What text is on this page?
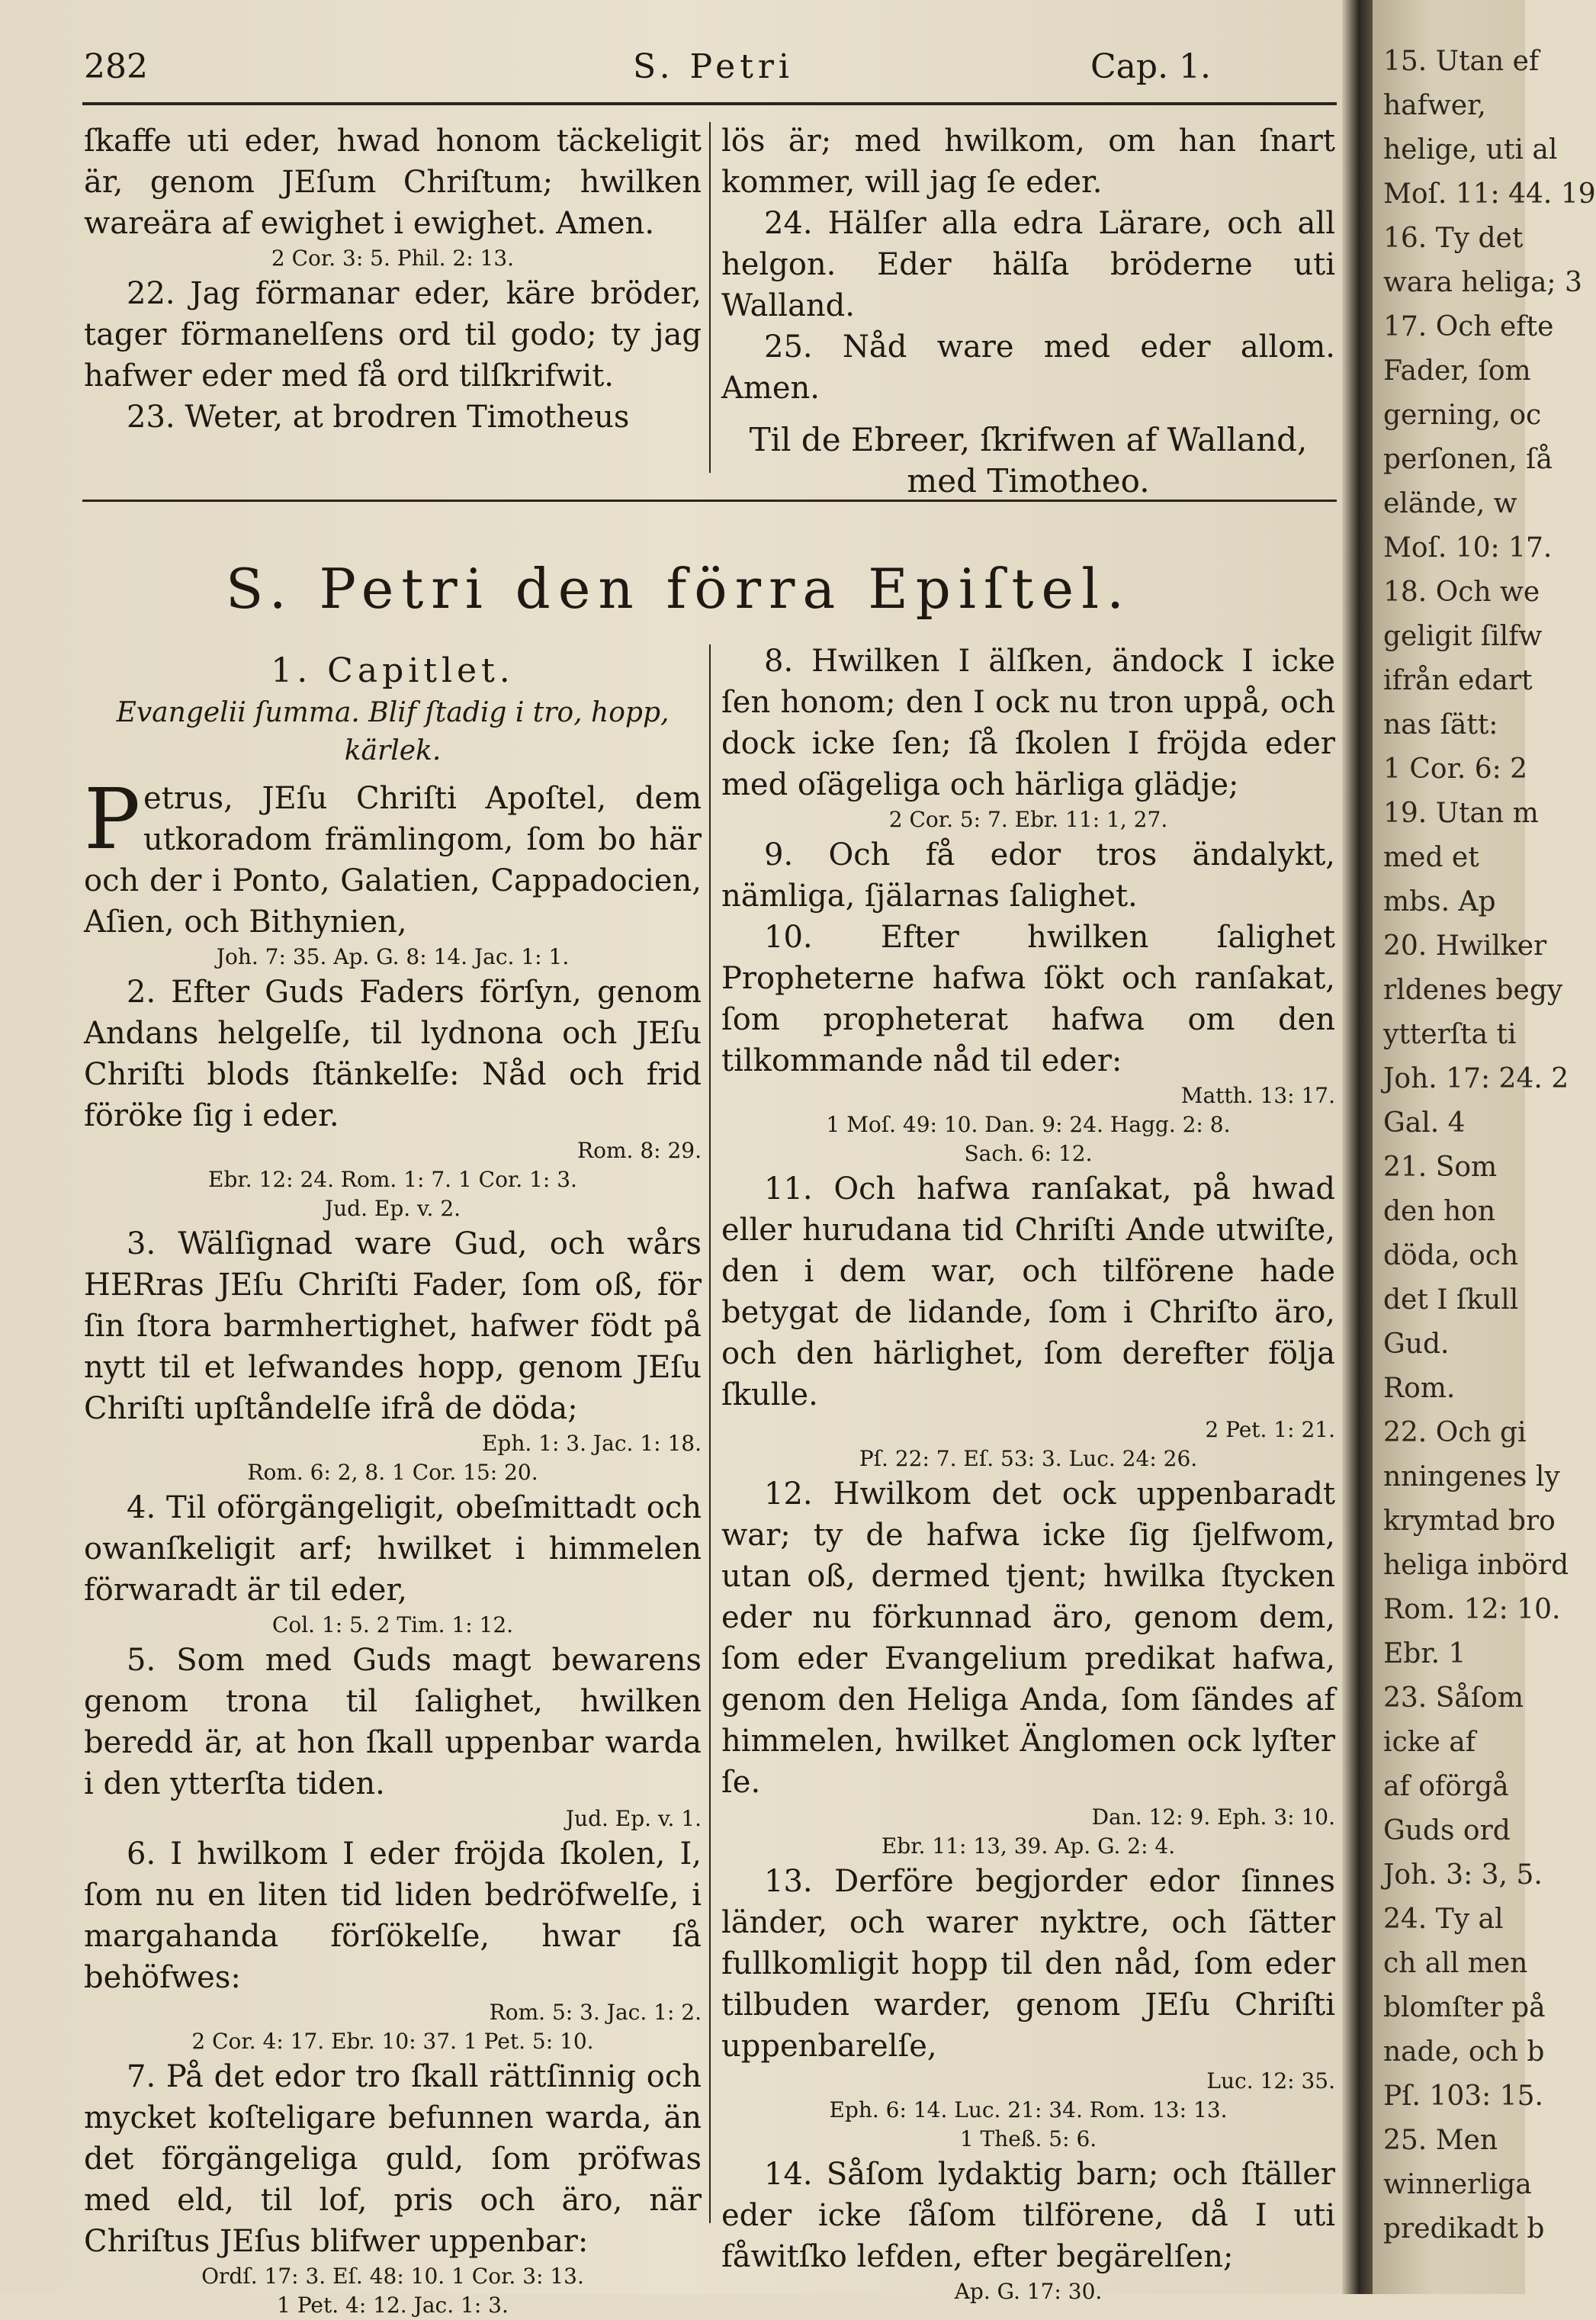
282	S. Petri	Cap. 1.

ſkaffe uti eder, hwad honom täckeligit är, genom JEſum Chriſtum; hwilken wareära af ewighet i ewighet. Amen.

2 Cor. 3: 5. Phil. 2: 13.

22. Jag förmanar eder, käre bröder, tager förmanelſens ord til godo; ty jag hafwer eder med få ord tilſkrifwit.

23. Weter, at brodren Timotheus

lös är; med hwilkom, om han ſnart kommer, will jag ſe eder.

24. Hälſer alla edra Lärare, och all helgon. Eder hälſa bröderne uti Walland.

25. Nåd ware med eder allom. Amen.

Til de Ebreer, ſkrifwen af Walland, med Timotheo.

S. Petri den förra Epiſtel.

1. Capitlet.

Evangelii ſumma. Blif ſtadig i tro, hopp, kärlek.

Petrus, JEſu Chriſti Apoſtel, dem utkoradom främlingom, ſom bo här och der i Ponto, Galatien, Cappadocien, Aſien, och Bithynien,

Joh. 7: 35. Ap. G. 8: 14. Jac. 1: 1.

2. Efter Guds Faders förſyn, genom Andans helgelſe, til lydnona och JEſu Chriſti blods ſtänkelſe: Nåd och frid föröke ſig i eder.

Rom. 8: 29.

Ebr. 12: 24. Rom. 1: 7. 1 Cor. 1: 3.

Jud. Ep. v. 2.

3. Wälſignad ware Gud, och wårs HERras JEſu Chriſti Fader, ſom oß, för ſin ſtora barmhertighet, hafwer födt på nytt til et lefwandes hopp, genom JEſu Chriſti upſtåndelſe ifrå de döda;

Eph. 1: 3. Jac. 1: 18.

Rom. 6: 2, 8. 1 Cor. 15: 20.

4. Til oförgängeligit, obeſmittadt och owanſkeligit arf; hwilket i himmelen förwaradt är til eder,

Col. 1: 5. 2 Tim. 1: 12.

5. Som med Guds magt bewarens genom trona til ſalighet, hwilken beredd är, at hon ſkall uppenbar warda i den ytterſta tiden.

Jud. Ep. v. 1.

6. I hwilkom I eder fröjda ſkolen, I, ſom nu en liten tid liden bedröfwelſe, i margahanda förſökelſe, hwar ſå behöfwes:

Rom. 5: 3. Jac. 1: 2.

2 Cor. 4: 17. Ebr. 10: 37. 1 Pet. 5: 10.

7. På det edor tro ſkall rättſinnig och mycket koſteligare befunnen warda, än det förgängeliga guld, ſom pröfwas med eld, til lof, pris och äro, när Chriſtus JEſus blifwer uppenbar:

Ordſ. 17: 3. Eſ. 48: 10. 1 Cor. 3: 13.

1 Pet. 4: 12. Jac. 1: 3.

8. Hwilken I älſken, ändock I icke ſen honom; den I ock nu tron uppå, och dock icke ſen; ſå ſkolen I fröjda eder med oſägeliga och härliga glädje;

2 Cor. 5: 7. Ebr. 11: 1, 27.

9. Och få edor tros ändalykt, nämliga, ſjälarnas ſalighet.

10. Efter hwilken ſalighet Propheterne hafwa ſökt och ranſakat, ſom propheterat hafwa om den tilkommande nåd til eder:

Matth. 13: 17.

1 Moſ. 49: 10. Dan. 9: 24. Hagg. 2: 8.

Sach. 6: 12.

11. Och hafwa ranſakat, på hwad eller hurudana tid Chriſti Ande utwiſte, den i dem war, och tilförene hade betygat de lidande, ſom i Chriſto äro, och den härlighet, ſom derefter följa ſkulle.

2 Pet. 1: 21.

Pſ. 22: 7. Eſ. 53: 3. Luc. 24: 26.

12. Hwilkom det ock uppenbaradt war; ty de hafwa icke ſig ſjelfwom, utan oß, dermed tjent; hwilka ſtycken eder nu förkunnad äro, genom dem, ſom eder Evangelium predikat hafwa, genom den Heliga Anda, ſom ſändes af himmelen, hwilket Änglomen ock lyſter ſe.

Dan. 12: 9. Eph. 3: 10.

Ebr. 11: 13, 39. Ap. G. 2: 4.

13. Derföre begjorder edor ſinnes länder, och warer nyktre, och ſätter fullkomligit hopp til den nåd, ſom eder tilbuden warder, genom JEſu Chriſti uppenbarelſe,

Luc. 12: 35.

Eph. 6: 14. Luc. 21: 34. Rom. 13: 13.

1 Theß. 5: 6.

14. Såſom lydaktig barn; och ſtäller eder icke ſåſom tilförene, då I uti fåwitſko lefden, efter begärelſen;

Ap. G. 17: 30.

15. Utan ef
hafwer,
helige, uti al
Moſ. 11: 44. 19
16. Ty det
wara heliga; 3
17. Och efte
Fader, ſom
gerning, oc
perſonen, ſå
elände, w
Moſ. 10: 17.
18. Och we
geligit ſilfw
ifrån edart
nas ſätt:
1 Cor. 6: 2
19. Utan m
med et
mbs. Ap
20. Hwilker
rldenes begy
ytterſta ti
Joh. 17: 24. 2
Gal. 4
21. Som
den hon
döda, och
det I ſkull
Gud.
Rom.
22. Och gi
nningenes ly
krymtad bro
heliga inbörd
Rom. 12: 10.
Ebr. 1
23. Såſom
icke af
af oförgå
Guds ord
Joh. 3: 3, 5.
24. Ty al
ch all men
blomſter på
nade, och b
Pſ. 103: 15.
25. Men
winnerliga
predikadt b
